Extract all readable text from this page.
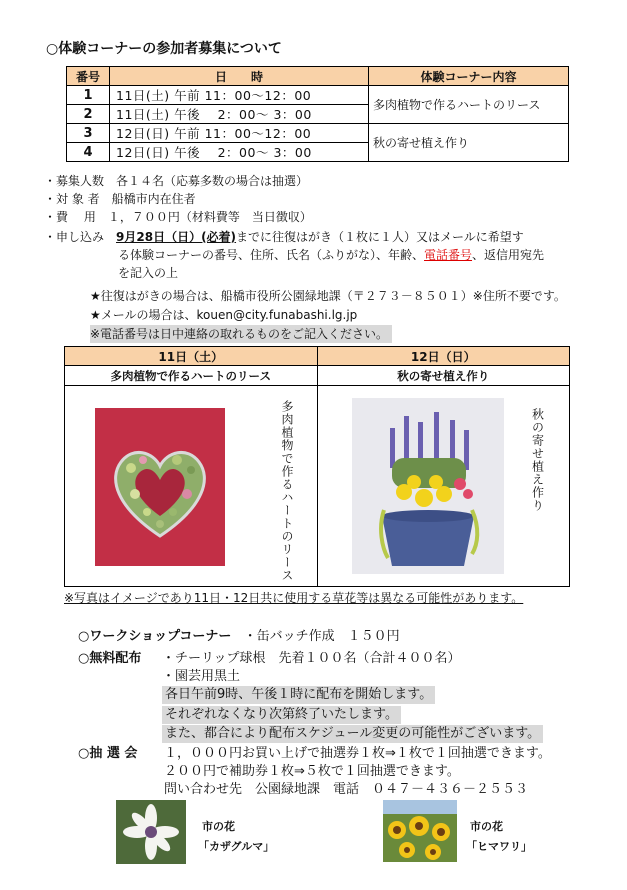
○体験コーナーの参加者募集について
番号	日　　時	体験コーナー内容
1	11日(土) 午前 11：00～12：00	多肉植物で作るハートのリース
2	11日(土) 午後　 2：00～ 3：00	
3	12日(日) 午前 11：00～12：00	秋の寄せ植え作り
4	12日(日) 午後　 2：00～ 3：00	
・募集人数　各１４名（応募多数の場合は抽選）
・対 象 者　船橋市内在住者
・費　 用　１，７００円（材料費等　当日徴収）
・申し込み　9月28日（日）(必着)までに往復はがき（１枚に１人）又はメールに希望す
る体験コーナーの番号、住所、氏名（ふりがな）、年齢、電話番号、返信用宛先
を記入の上
★往復はがきの場合は、船橋市役所公園緑地課（〒２７３－８５０１）※住所不要です。
★メールの場合は、kouen@city.funabashi.lg.jp
※電話番号は日中連絡の取れるものをご記入ください。
11日（土）	12日（日）
多肉植物で作るハートのリース	秋の寄せ植え作り

多肉植物で作るハートのリース	秋の寄せ植え作り
※写真はイメージであり11日・12日共に使用する草花等は異なる可能性があります。
○ワークショップコーナー ・缶バッチ作成　１５０円
○無料配布 ・チーリップ球根　先着１００名（合計４００名）
・園芸用黒土
各日午前9時、午後１時に配布を開始します。
それぞれなくなり次第終了いたします。
また、都合により配布スケジュール変更の可能性がございます。
○抽 選 会 １，０００円お買い上げで抽選券１枚⇒１枚で１回抽選できます。
２００円で補助券１枚⇒５枚で１回抽選できます。
問い合わせ先　公園緑地課　電話　０４７－４３６－２５５３
市の花
「カザグルマ」
市の花
「ヒマワリ」
